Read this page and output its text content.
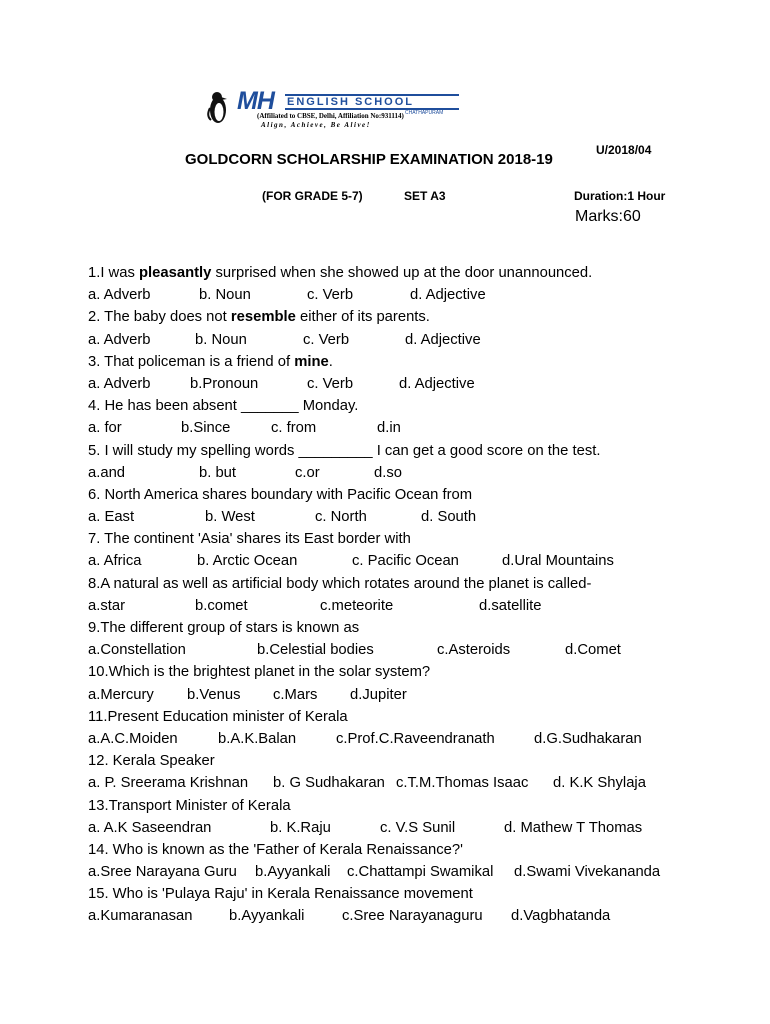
MH ENGLISH SCHOOL
CHATHAPURAM
(Affiliated to CBSE, Delhi, Affiliation No:931114)
Align, Achieve, Be Alive!
U/2018/04
GOLDCORN SCHOLARSHIP EXAMINATION 2018-19
(FOR GRADE 5-7)	SET A3	Duration:1 Hour
Marks:60
1.I was pleasantly surprised when she showed up at the door unannounced.
a. Adverb	b. Noun	c. Verb	d. Adjective
2. The baby does not resemble either of its parents.
a. Adverb	b. Noun	c. Verb	d. Adjective
3. That policeman is a friend of mine.
a. Adverb	b.Pronoun	c. Verb	d. Adjective
4. He has been absent _______ Monday.
a. for	b.Since	c. from	d.in
5. I will study my spelling words _________ I can get a good score on the test.
a.and	b. but	c.or	d.so
6. North America shares boundary with Pacific Ocean from
a. East	b. West	c. North	d. South
7. The continent 'Asia' shares its East border with
a. Africa	b. Arctic Ocean	c. Pacific Ocean	d.Ural Mountains
8.A natural as well as artificial body which rotates around the planet is called-
a.star	b.comet	c.meteorite	d.satellite
9.The different group of stars is known as
a.Constellation	b.Celestial bodies	c.Asteroids	d.Comet
10.Which is the brightest planet in the solar system?
a.Mercury b.Venus c.Mars d.Jupiter
11.Present Education minister of Kerala
a.A.C.Moiden	b.A.K.Balan	c.Prof.C.Raveendranath	d.G.Sudhakaran
12. Kerala Speaker
a. P. Sreerama Krishnan b. G Sudhakaran c.T.M.Thomas Isaac d. K.K Shylaja
13.Transport Minister of Kerala
a. A.K Saseendran	b. K.Raju	c. V.S Sunil	d. Mathew T Thomas
14. Who is known as the 'Father of Kerala Renaissance?'
a.Sree Narayana Guru b.Ayyankali c.Chattampi Swamikal d.Swami Vivekananda
15. Who is 'Pulaya Raju' in Kerala Renaissance movement
a.Kumaranasan b.Ayyankali	c.Sree Narayanaguru d.Vagbhatanda
